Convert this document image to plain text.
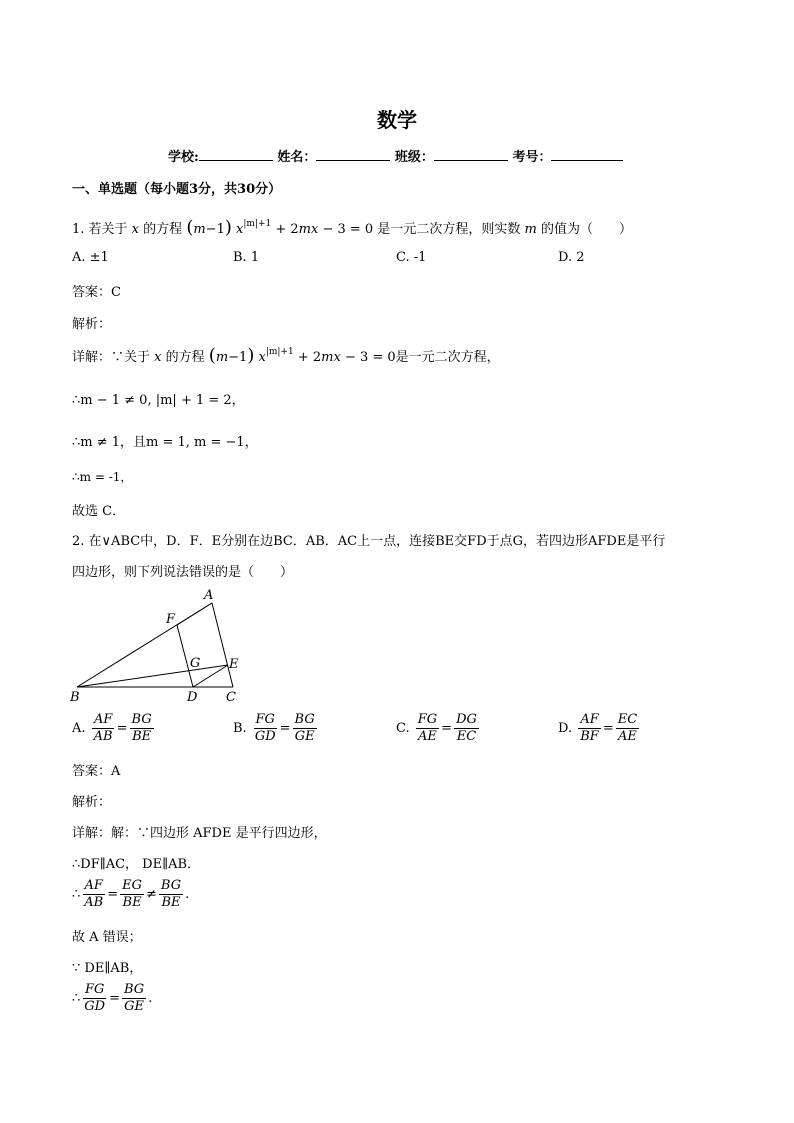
数学
学校:	姓名：	班级：	考号：
一、单选题（每小题3分，共30分）
1. 若关于 x 的方程 (m−1) $x^{|m|+1} + 2mx - 3 = 0$ 是一元二次方程，则实数 m 的值为（　　）
A. ±1	B. 1	C. -1	D. 2
答案：C
解析：
详解：∵关于 x 的方程 (m−1) $x^{|m|+1} + 2mx - 3 = 0$是一元二次方程，
∴m − 1 ≠ 0, |m| + 1 = 2，
∴m ≠ 1，且m = 1, m = −1，
∴m = -1，
故选 C．
2. 在∨ABC中，D．F．E分别在边BC．AB．AC上一点，连接BE交FD于点G，若四边形AFDE是平行
四边形，则下列说法错误的是（　　）
A
F
G E
B	D C
A. $\frac{AF}{AB} = \frac{BG}{BE}$	B. $\frac{FG}{GD} = \frac{BG}{GE}$	C. $\frac{FG}{AE} = \frac{DG}{EC}$	D. $\frac{AF}{BF} = \frac{EC}{AE}$
答案：A
解析：
详解：解：∵四边形 AFDE 是平行四边形，
∴DF∥AC， DE∥AB．
∴ $\frac{AF}{AB} = \frac{EG}{BE} \ne \frac{BG}{BE}$ .
故 A 错误；
∵ DE∥AB，
∴ $\frac{FG}{GD} = \frac{BG}{GE}$ .
